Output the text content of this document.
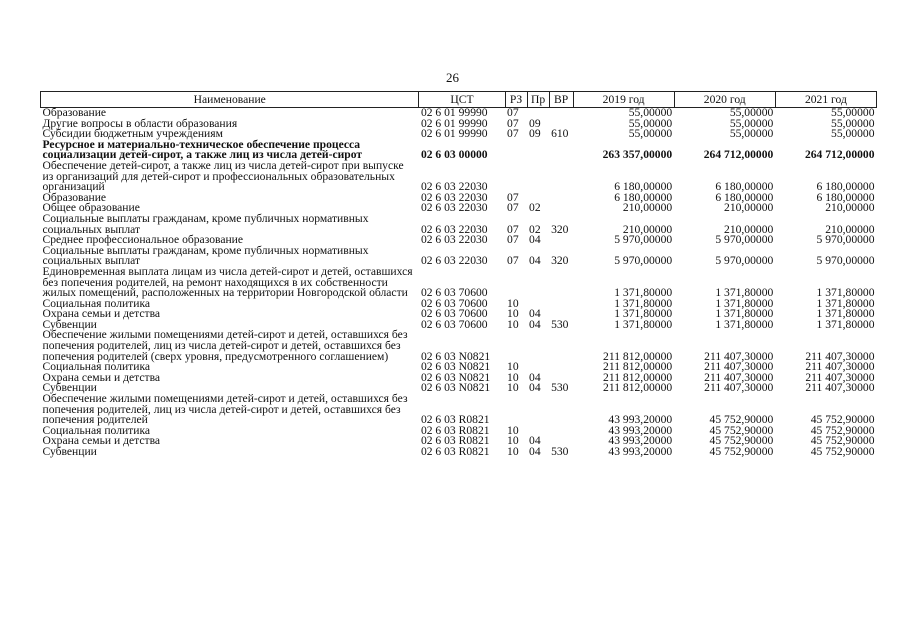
26
Наименование	ЦСТ	РЗ	Пр	ВР	2019 год	2020 год	2021 год
Образование	02 6 01 99990	07			55,00000	55,00000	55,00000
Другие вопросы в области образования	02 6 01 99990	07	09		55,00000	55,00000	55,00000
Субсидии бюджетным учреждениям	02 6 01 99990	07	09	610	55,00000	55,00000	55,00000
Ресурсное и материально-техническое обеспечение процесса социализации детей-сирот, а также лиц из числа детей-сирот	02 6 03 00000				263 357,00000	264 712,00000	264 712,00000
Обеспечение детей-сирот, а также лиц из числа детей-сирот при выпуске из организаций для детей-сирот и профессиональных образовательных организаций	02 6 03 22030				6 180,00000	6 180,00000	6 180,00000
Образование	02 6 03 22030	07			6 180,00000	6 180,00000	6 180,00000
Общее образование	02 6 03 22030	07	02		210,00000	210,00000	210,00000
Социальные выплаты гражданам, кроме публичных нормативных социальных выплат	02 6 03 22030	07	02	320	210,00000	210,00000	210,00000
Среднее профессиональное образование	02 6 03 22030	07	04		5 970,00000	5 970,00000	5 970,00000
Социальные выплаты гражданам, кроме публичных нормативных социальных выплат	02 6 03 22030	07	04	320	5 970,00000	5 970,00000	5 970,00000
Единовременная выплата лицам из числа детей-сирот и детей, оставшихся без попечения родителей, на ремонт находящихся в их собственности жилых помещений, расположенных на территории Новгородской области	02 6 03 70600				1 371,80000	1 371,80000	1 371,80000
Социальная политика	02 6 03 70600	10			1 371,80000	1 371,80000	1 371,80000
Охрана семьи и детства	02 6 03 70600	10	04		1 371,80000	1 371,80000	1 371,80000
Субвенции	02 6 03 70600	10	04	530	1 371,80000	1 371,80000	1 371,80000
Обеспечение жилыми помещениями детей-сирот и детей, оставшихся без попечения родителей, лиц из числа детей-сирот и детей, оставшихся без попечения родителей (сверх уровня, предусмотренного соглашением)	02 6 03 N0821				211 812,00000	211 407,30000	211 407,30000
Социальная политика	02 6 03 N0821	10			211 812,00000	211 407,30000	211 407,30000
Охрана семьи и детства	02 6 03 N0821	10	04		211 812,00000	211 407,30000	211 407,30000
Субвенции	02 6 03 N0821	10	04	530	211 812,00000	211 407,30000	211 407,30000
Обеспечение жилыми помещениями детей-сирот и детей, оставшихся без попечения родителей, лиц из числа детей-сирот и детей, оставшихся без попечения родителей	02 6 03 R0821				43 993,20000	45 752,90000	45 752,90000
Социальная политика	02 6 03 R0821	10			43 993,20000	45 752,90000	45 752,90000
Охрана семьи и детства	02 6 03 R0821	10	04		43 993,20000	45 752,90000	45 752,90000
Субвенции	02 6 03 R0821	10	04	530	43 993,20000	45 752,90000	45 752,90000
